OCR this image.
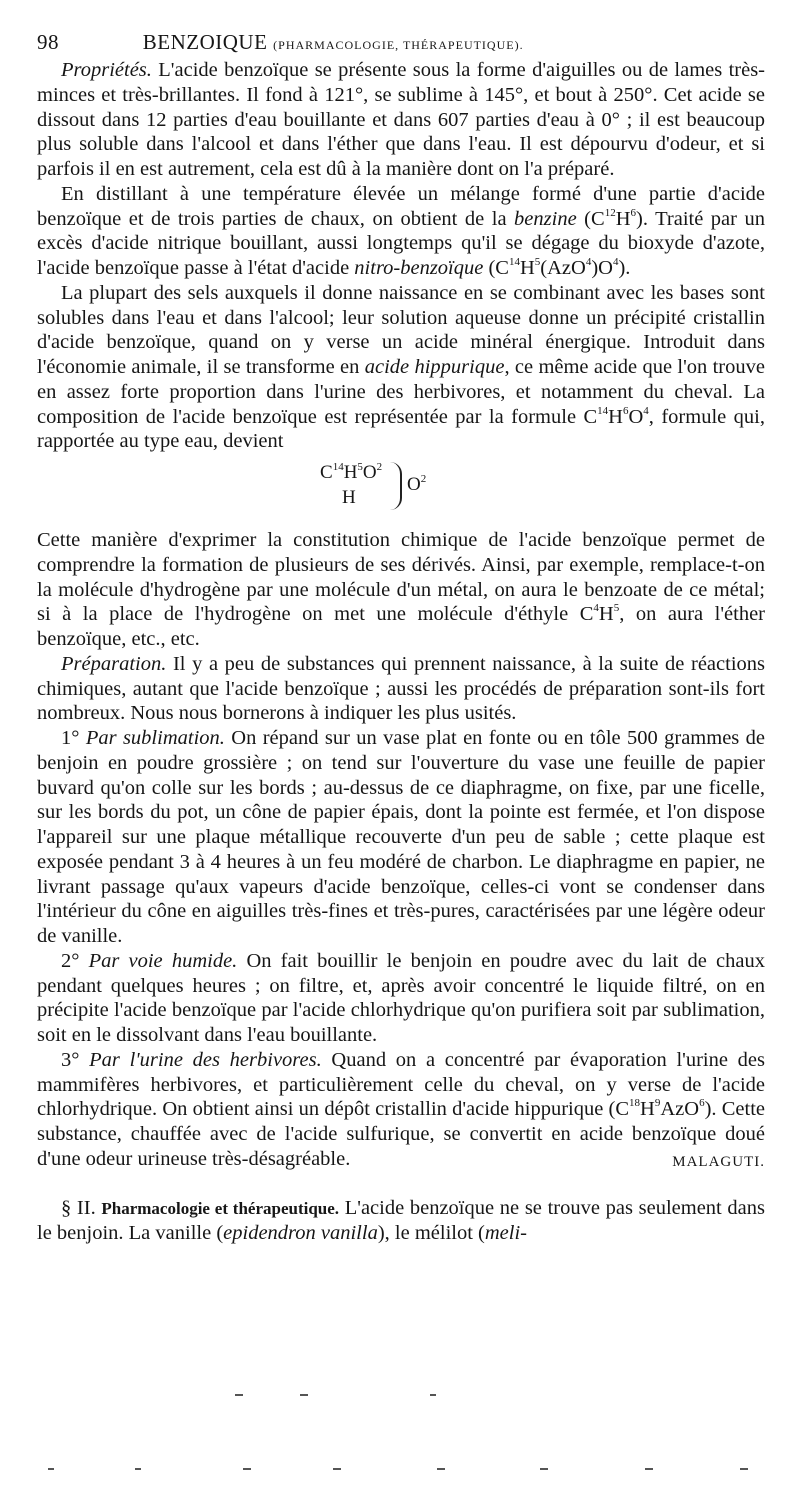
98	BENZOIQUE (PHARMACOLOGIE, THÉRAPEUTIQUE).

Propriétés. L'acide benzoïque se présente sous la forme d'aiguilles ou de lames très-minces et très-brillantes. Il fond à 121°, se sublime à 145°, et bout à 250°. Cet acide se dissout dans 12 parties d'eau bouillante et dans 607 parties d'eau à 0° ; il est beaucoup plus soluble dans l'alcool et dans l'éther que dans l'eau. Il est dépourvu d'odeur, et si parfois il en est autrement, cela est dû à la manière dont on l'a préparé.

En distillant à une température élevée un mélange formé d'une partie d'acide benzoïque et de trois parties de chaux, on obtient de la benzine $(C^{12}H^6)$. Traité par un excès d'acide nitrique bouillant, aussi longtemps qu'il se dégage du bioxyde d'azote, l'acide benzoïque passe à l'état d'acide nitro-benzoïque $(C^{14}H^5(AzO^4)O^4)$.

La plupart des sels auxquels il donne naissance en se combinant avec les bases sont solubles dans l'eau et dans l'alcool; leur solution aqueuse donne un précipité cristallin d'acide benzoïque, quand on y verse un acide minéral énergique. Introduit dans l'économie animale, il se transforme en acide hippurique, ce même acide que l'on trouve en assez forte proportion dans l'urine des herbivores, et notamment du cheval. La composition de l'acide benzoïque est représentée par la formule $C^{14}H^6O^4$, formule qui, rapportée au type eau, devient

$C^{14}H^5O^2$
H
$O^2$

Cette manière d'exprimer la constitution chimique de l'acide benzoïque permet de comprendre la formation de plusieurs de ses dérivés. Ainsi, par exemple, remplace-t-on la molécule d'hydrogène par une molécule d'un métal, on aura le benzoate de ce métal; si à la place de l'hydrogène on met une molécule d'éthyle $C^4H^5$, on aura l'éther benzoïque, etc., etc.

Préparation. Il y a peu de substances qui prennent naissance, à la suite de réactions chimiques, autant que l'acide benzoïque ; aussi les procédés de préparation sont-ils fort nombreux. Nous nous bornerons à indiquer les plus usités.

1° Par sublimation. On répand sur un vase plat en fonte ou en tôle 500 grammes de benjoin en poudre grossière ; on tend sur l'ouverture du vase une feuille de papier buvard qu'on colle sur les bords ; au-dessus de ce diaphragme, on fixe, par une ficelle, sur les bords du pot, un cône de papier épais, dont la pointe est fermée, et l'on dispose l'appareil sur une plaque métallique recouverte d'un peu de sable ; cette plaque est exposée pendant 3 à 4 heures à un feu modéré de charbon. Le diaphragme en papier, ne livrant passage qu'aux vapeurs d'acide benzoïque, celles-ci vont se condenser dans l'intérieur du cône en aiguilles très-fines et très-pures, caractérisées par une légère odeur de vanille.

2° Par voie humide. On fait bouillir le benjoin en poudre avec du lait de chaux pendant quelques heures ; on filtre, et, après avoir concentré le liquide filtré, on en précipite l'acide benzoïque par l'acide chlorhydrique qu'on purifiera soit par sublimation, soit en le dissolvant dans l'eau bouillante.

3° Par l'urine des herbivores. Quand on a concentré par évaporation l'urine des mammifères herbivores, et particulièrement celle du cheval, on y verse de l'acide chlorhydrique. On obtient ainsi un dépôt cristallin d'acide hippurique $(C^{18}H^9AzO^6)$. Cette substance, chauffée avec de l'acide sulfurique, se convertit en acide benzoïque doué d'une odeur urineuse très-désagréable.	MALAGUTI.

§ II. Pharmacologie et thérapeutique. L'acide benzoïque ne se trouve pas seulement dans le benjoin. La vanille (epidendron vanilla), le mélilot (meli-
